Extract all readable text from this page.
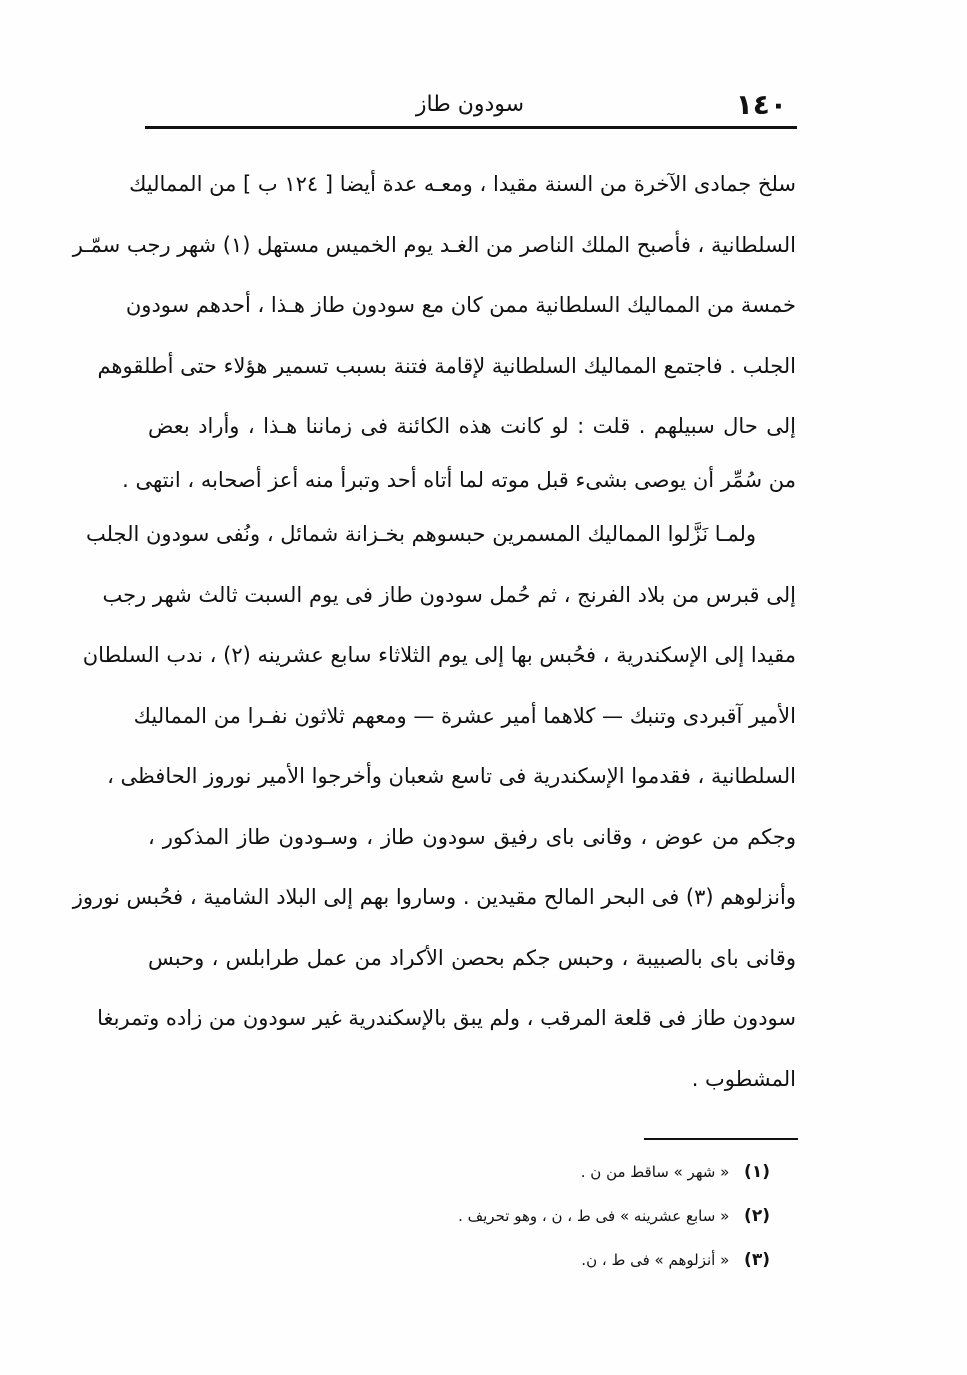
١٤٠
سودون طاز
سلخ جمادى الآخرة من السنة مقيدا ، ومعـه عدة أيضا [ ١٢٤ ب ] من المماليك
السلطانية ، فأصبح الملك الناصر من الغـد يوم الخميس مستهل (١) شهر رجب سمّـر
خمسة من المماليك السلطانية ممن كان مع سودون طاز هـذا ، أحدهم سودون
الجلب . فاجتمع المماليك السلطانية لإقامة فتنة بسبب تسمير هؤلاء حتى أطلقوهم
إلى حال سبيلهم . قلت : لو كانت هذه الكائنة فى زماننا هـذا ، وأراد بعض
من سُمِّر أن يوصى بشىء قبل موته لما أتاه أحد وتبرأ منه أعز أصحابه ، انتهى .
ولمـا نَزَّلوا المماليك المسمرين حبسوهم بخـزانة شمائل ، ونُفى سودون الجلب
إلى قبرس من بلاد الفرنج ، ثم حُمل سودون طاز فى يوم السبت ثالث شهر رجب
مقيدا إلى الإسكندرية ، فحُبس بها إلى يوم الثلاثاء سابع عشرينه (٢) ، ندب السلطان
الأمير آقبردى وتنبك — كلاهما أمير عشرة — ومعهم ثلاثون نفـرا من المماليك
السلطانية ، فقدموا الإسكندرية فى تاسع شعبان وأخرجوا الأمير نوروز الحافظى ،
وجكم من عوض ، وقانى باى رفيق سودون طاز ، وسـودون طاز المذكور ،
وأنزلوهم (٣) فى البحر المالح مقيدين . وساروا بهم إلى البلاد الشامية ، فحُبس نوروز
وقانى باى بالصبيبة ، وحبس جكم بحصن الأكراد من عمل طرابلس ، وحبس
سودون طاز فى قلعة المرقب ، ولم يبق بالإسكندرية غير سودون من زاده وتمربغا
المشطوب .
(١) « شهر » ساقط من ن .
(٢) « سابع عشرينه » فى ط ، ن ، وهو تحريف .
(٣) « أنزلوهم » فى ط ، ن.
